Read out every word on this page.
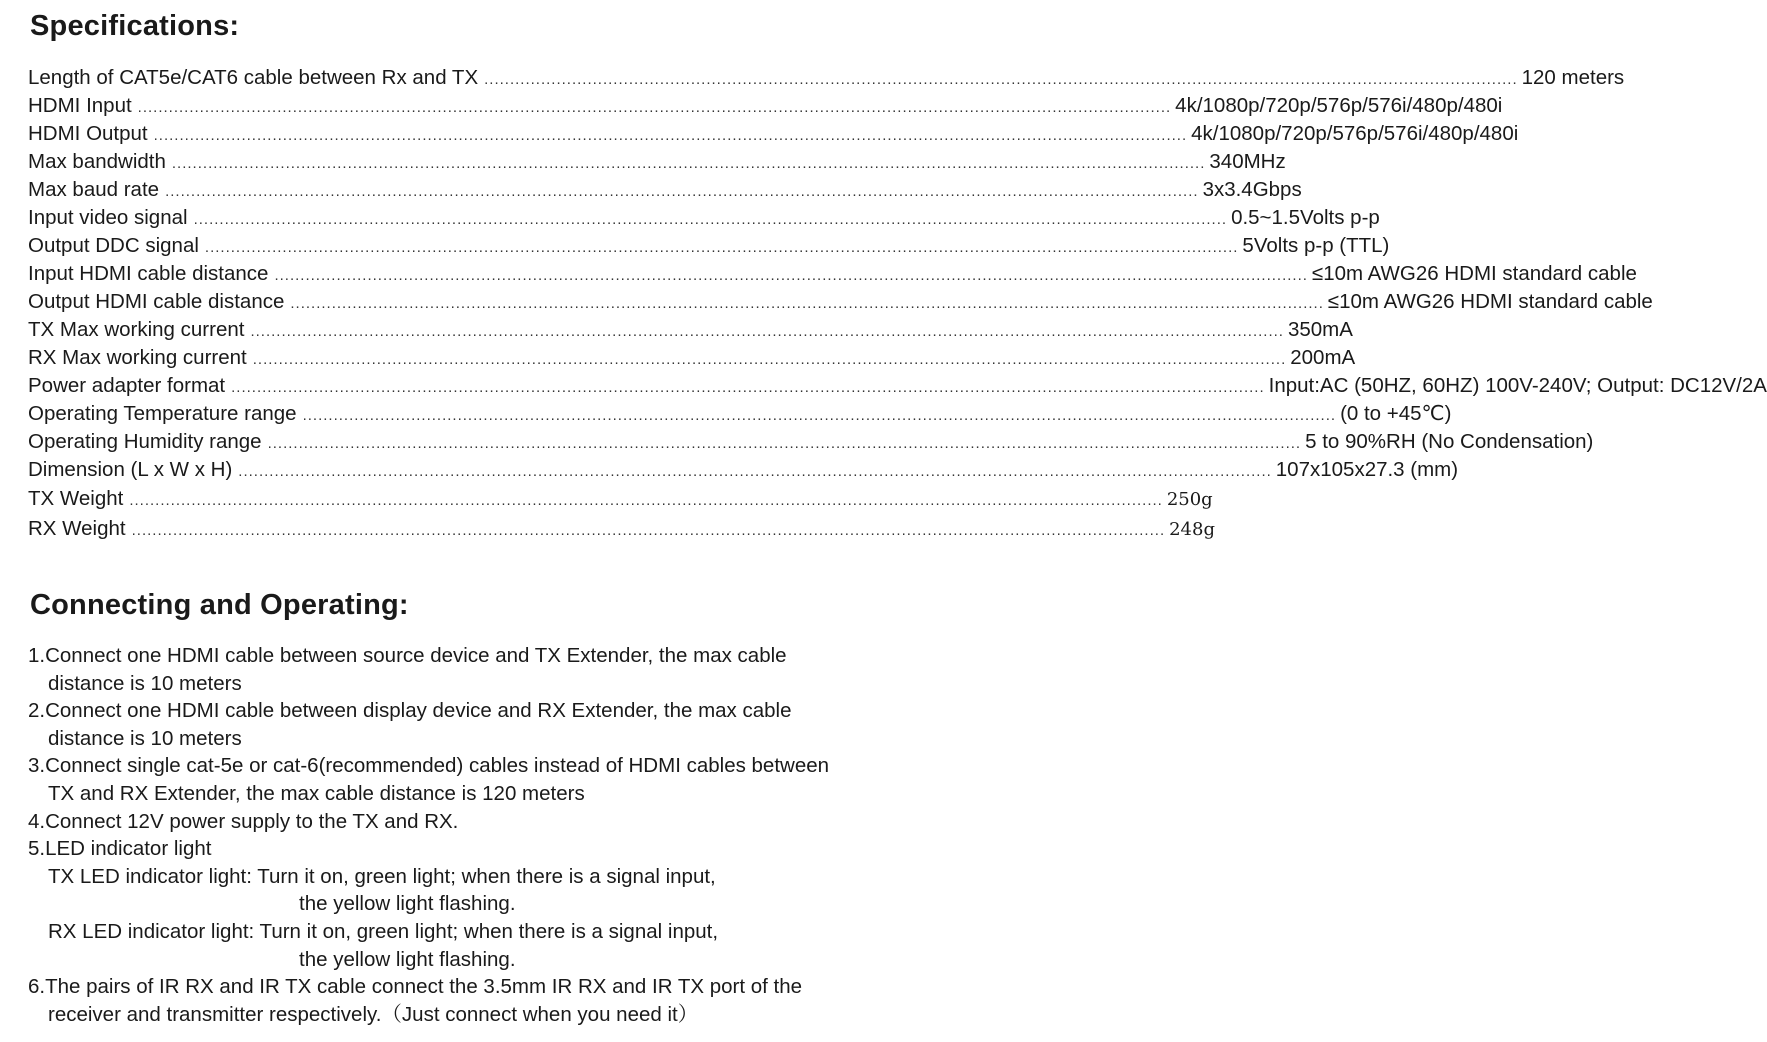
Specifications:
Length of CAT5e/CAT6 cable between Rx and TX ........................................................................................................................................................................................................ 120 meters
HDMI Input ........................................................................................................................................................................................................ 4k/1080p/720p/576p/576i/480p/480i
HDMI Output ........................................................................................................................................................................................................ 4k/1080p/720p/576p/576i/480p/480i
Max bandwidth ........................................................................................................................................................................................................ 340MHz
Max baud rate ........................................................................................................................................................................................................ 3x3.4Gbps
Input video signal ........................................................................................................................................................................................................ 0.5~1.5Volts p-p
Output DDC signal ........................................................................................................................................................................................................ 5Volts p-p (TTL)
Input HDMI cable distance ........................................................................................................................................................................................................ ≤10m AWG26 HDMI standard cable
Output HDMI cable distance ........................................................................................................................................................................................................ ≤10m AWG26 HDMI standard cable
TX Max working current ........................................................................................................................................................................................................ 350mA
RX Max working current ........................................................................................................................................................................................................ 200mA
Power adapter format ........................................................................................................................................................................................................ Input:AC (50HZ, 60HZ) 100V-240V; Output: DC12V/2A
Operating Temperature range ........................................................................................................................................................................................................ (0 to +45℃)
Operating Humidity range ........................................................................................................................................................................................................ 5 to 90%RH (No Condensation)
Dimension (L x W x H) ........................................................................................................................................................................................................ 107x105x27.3 (mm)
TX Weight ........................................................................................................................................................................................................ 250g
RX Weight ........................................................................................................................................................................................................ 248g
Connecting and Operating:
1.Connect one HDMI cable between source device and TX Extender, the max cable
distance is 10 meters
2.Connect one HDMI cable between display device and RX Extender, the max cable
distance is 10 meters
3.Connect single cat-5e or cat-6(recommended) cables instead of HDMI cables between
TX and RX Extender, the max cable distance is 120 meters
4.Connect 12V power supply to the TX and RX.
5.LED indicator light
TX LED indicator light: Turn it on, green light; when there is a signal input,
the yellow light flashing.
RX LED indicator light: Turn it on, green light; when there is a signal input,
the yellow light flashing.
6.The pairs of IR RX and IR TX cable connect the 3.5mm IR RX and IR TX port of the
receiver and transmitter respectively.（Just connect when you need it）
